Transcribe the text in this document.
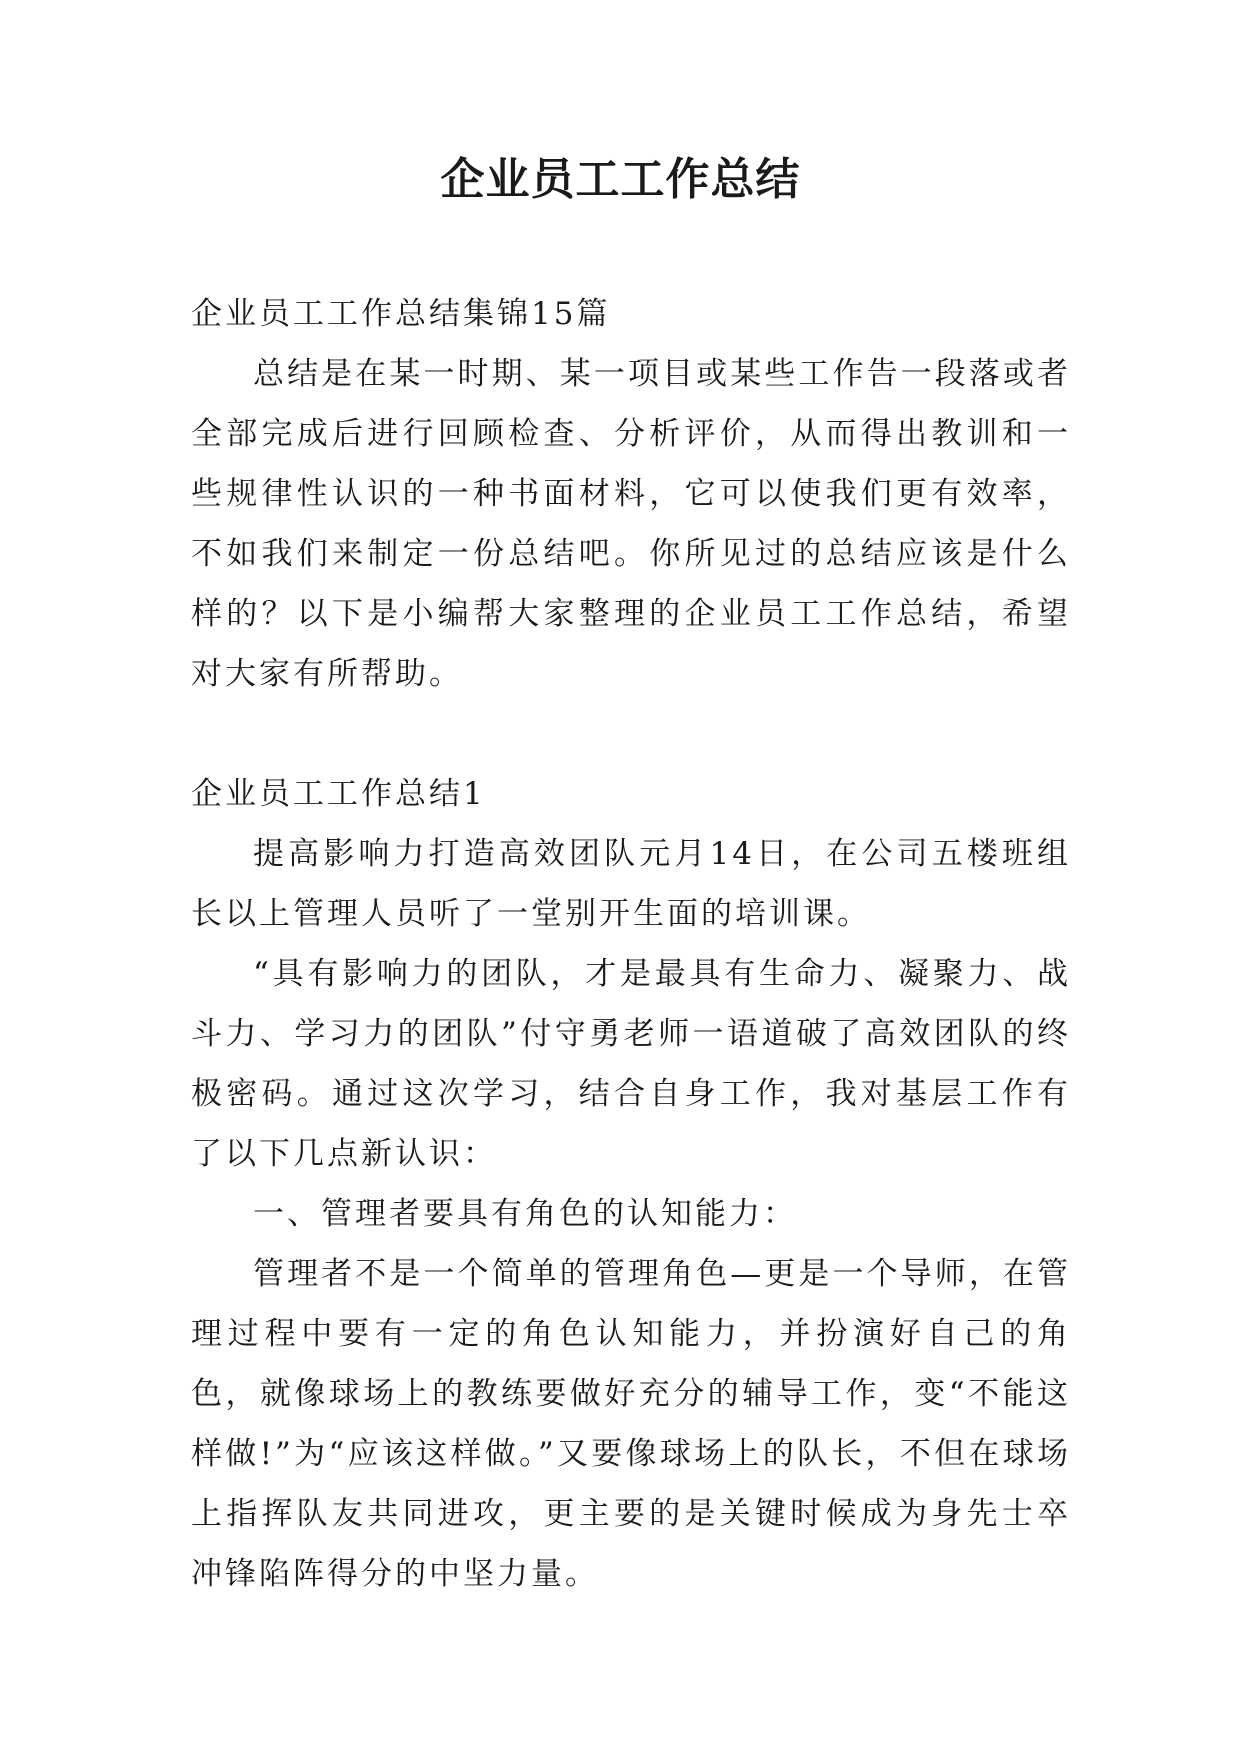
企业员工工作总结

企业员工工作总结集锦15篇

总结是在某一时期、某一项目或某些工作告一段落或者全部完成后进行回顾检查、分析评价，从而得出教训和一些规律性认识的一种书面材料，它可以使我们更有效率，不如我们来制定一份总结吧。你所见过的总结应该是什么样的？以下是小编帮大家整理的企业员工工作总结，希望对大家有所帮助。

企业员工工作总结1

提高影响力打造高效团队元月14日，在公司五楼班组长以上管理人员听了一堂别开生面的培训课。

“具有影响力的团队，才是最具有生命力、凝聚力、战斗力、学习力的团队”付守勇老师一语道破了高效团队的终极密码。通过这次学习，结合自身工作，我对基层工作有了以下几点新认识：

一、管理者要具有角色的认知能力：

管理者不是一个简单的管理角色—更是一个导师，在管理过程中要有一定的角色认知能力，并扮演好自己的角色，就像球场上的教练要做好充分的辅导工作，变“不能这样做!”为“应该这样做。”又要像球场上的队长，不但在球场上指挥队友共同进攻，更主要的是关键时候成为身先士卒冲锋陷阵得分的中坚力量。
